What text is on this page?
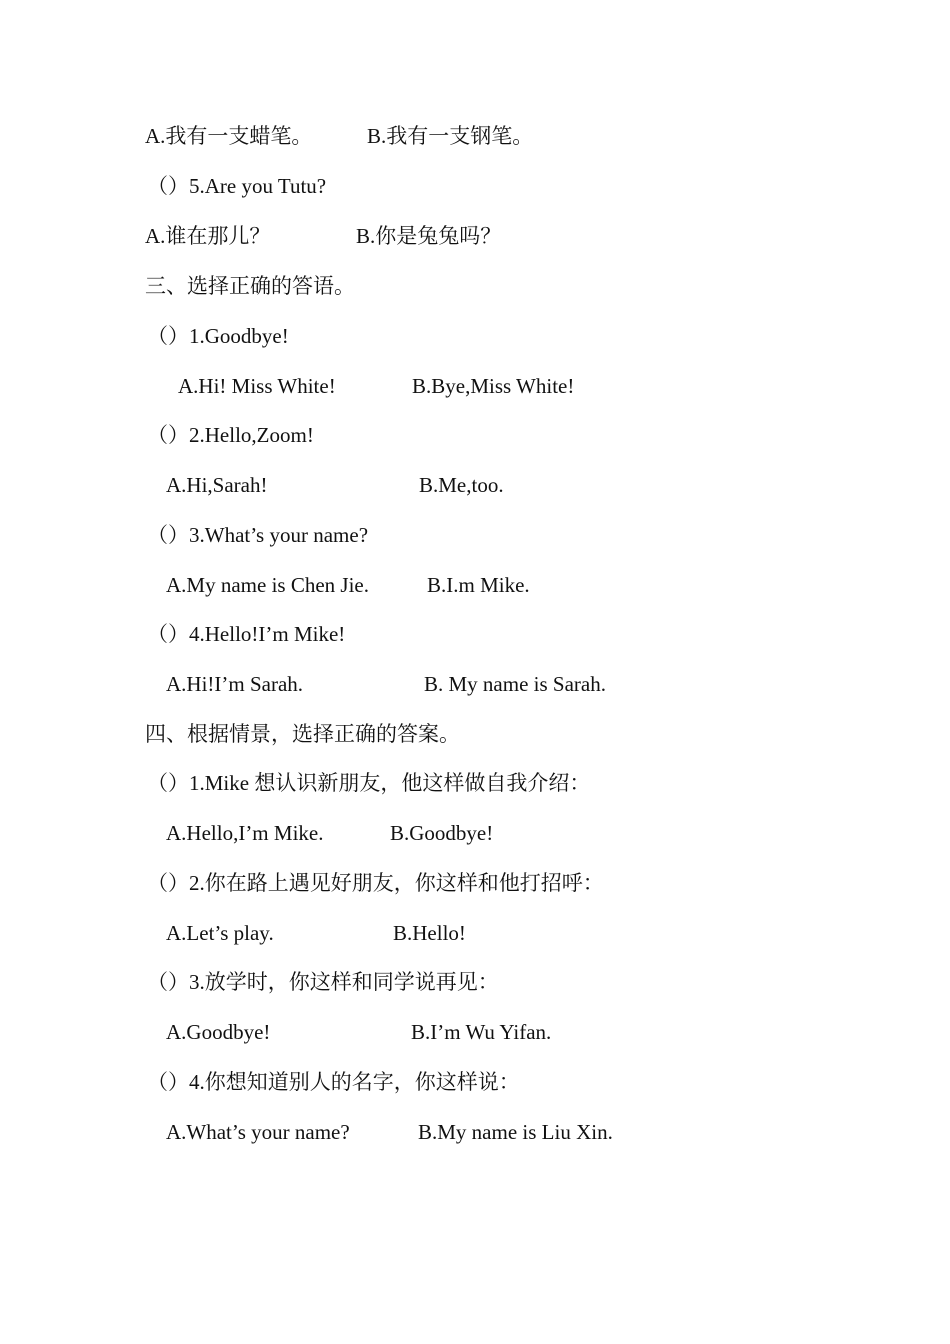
A.我有一支蜡笔。	B.我有一支钢笔。
（）5.Are you Tutu?
A.谁在那儿？	B.你是兔兔吗？
三、选择正确的答语。
（）1.Goodbye!
A.Hi! Miss White!	B.Bye,Miss White!
（）2.Hello,Zoom!
A.Hi,Sarah!	B.Me,too.
（）3.What’s your name?
A.My name is Chen Jie.	B.I.m Mike.
（）4.Hello!I’m Mike!
A.Hi!I’m Sarah.	B. My name is Sarah.
四、根据情景，选择正确的答案。
（）1.Mike 想认识新朋友，他这样做自我介绍：
A.Hello,I’m Mike.	B.Goodbye!
（）2.你在路上遇见好朋友，你这样和他打招呼：
A.Let’s play.	B.Hello!
（）3.放学时，你这样和同学说再见：
A.Goodbye!	B.I’m Wu Yifan.
（）4.你想知道别人的名字，你这样说：
A.What’s your name?	B.My name is Liu Xin.
